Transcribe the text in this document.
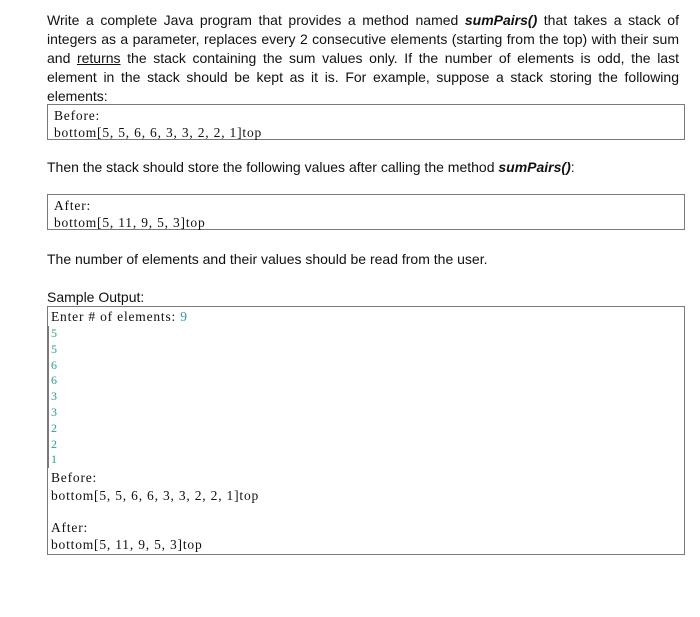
Write a complete Java program that provides a method named sumPairs() that takes a stack of integers as a parameter, replaces every 2 consecutive elements (starting from the top) with their sum and returns the stack containing the sum values only. If the number of elements is odd, the last element in the stack should be kept as it is. For example, suppose a stack storing the following elements:
Before:
bottom[5, 5, 6, 6, 3, 3, 2, 2, 1]top
Then the stack should store the following values after calling the method sumPairs():
After:
bottom[5, 11, 9, 5, 3]top
The number of elements and their values should be read from the user.
Sample Output:
Enter # of elements: 9
5
5
6
6
3
3
2
2
1
Before:
bottom[5, 5, 6, 6, 3, 3, 2, 2, 1]top
After:
bottom[5, 11, 9, 5, 3]top
